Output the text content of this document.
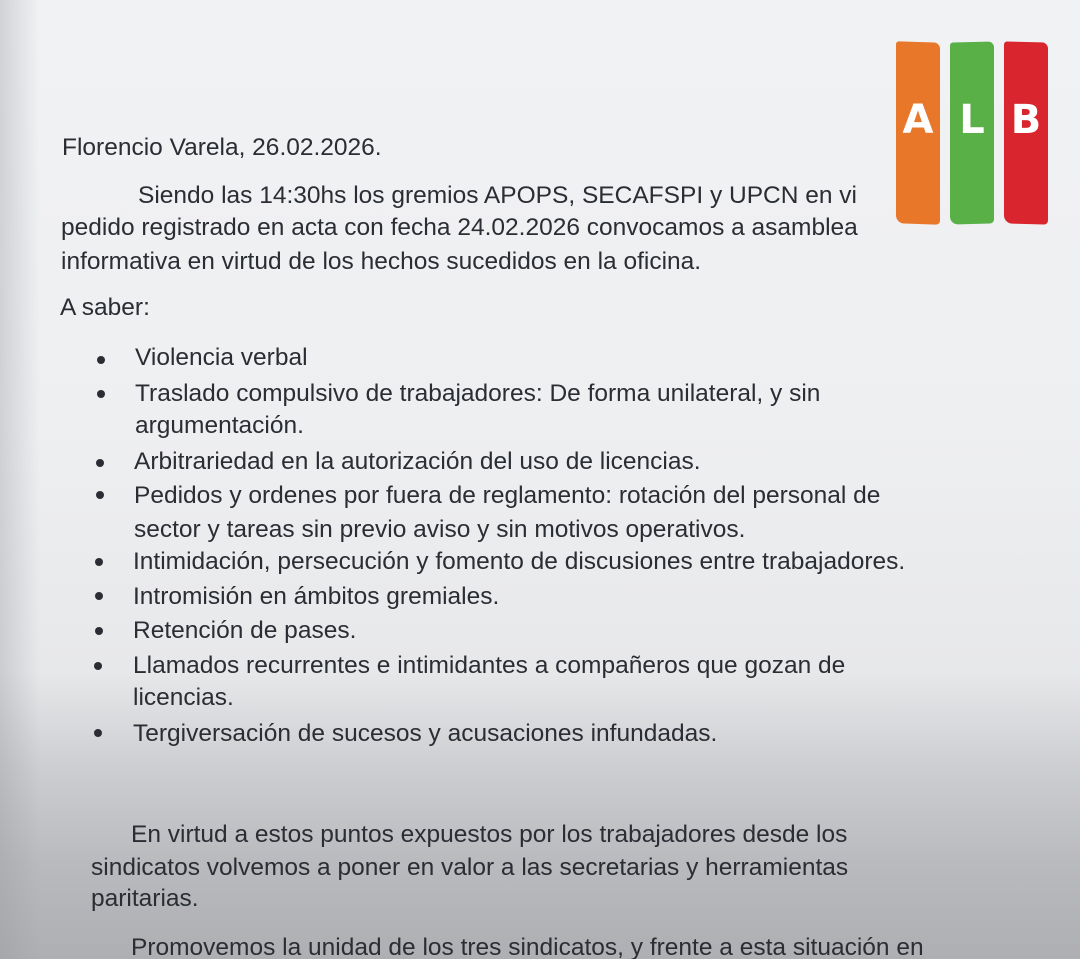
Florencio Varela, 26.02.2026.
Siendo las 14:30hs los gremios APOPS, SECAFSPI y UPCN en vi
pedido registrado en acta con fecha 24.02.2026 convocamos a asamblea
informativa en virtud de los hechos sucedidos en la oficina.
A saber:
Violencia verbal
Traslado compulsivo de trabajadores: De forma unilateral, y sin
argumentación.
Arbitrariedad en la autorización del uso de licencias.
Pedidos y ordenes por fuera de reglamento: rotación del personal de
sector y tareas sin previo aviso y sin motivos operativos.
Intimidación, persecución y fomento de discusiones entre trabajadores.
Intromisión en ámbitos gremiales.
Retención de pases.
Llamados recurrentes e intimidantes a compañeros que gozan de
licencias.
Tergiversación de sucesos y acusaciones infundadas.
En virtud a estos puntos expuestos por los trabajadores desde los
sindicatos volvemos a poner en valor a las secretarias y herramientas
paritarias.
Promovemos la unidad de los tres sindicatos, y frente a esta situación en
A L B
